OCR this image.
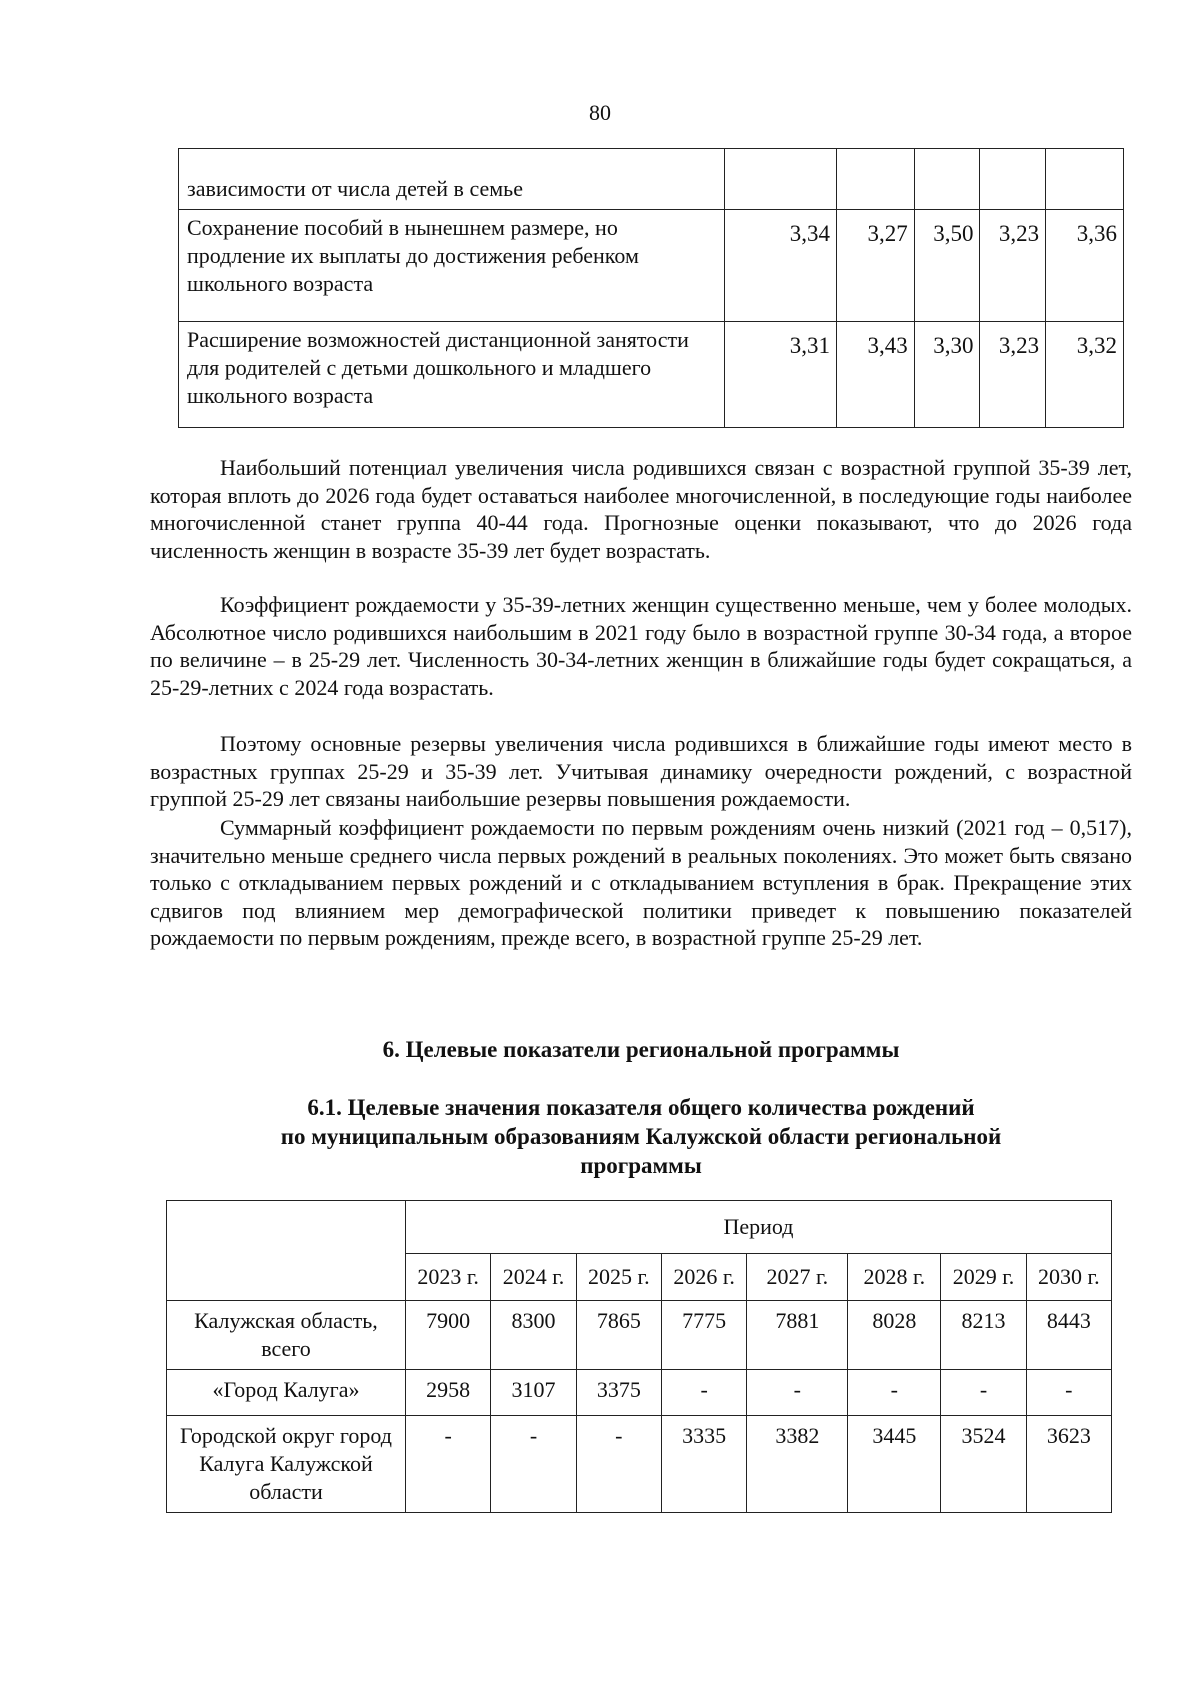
80
зависимости от числа детей в семье					
Сохранение пособий в нынешнем размере, но продление их выплаты до достижения ребенком школьного возраста	3,34	3,27	3,50	3,23	3,36
Расширение возможностей дистанционной занятости для родителей с детьми дошкольного и младшего школьного возраста	3,31	3,43	3,30	3,23	3,32

Наибольший потенциал увеличения числа родившихся связан с возрастной группой 35-39 лет, которая вплоть до 2026 года будет оставаться наиболее многочисленной, в последующие годы наиболее многочисленной станет группа 40-44 года. Прогнозные оценки показывают, что до 2026 года численность женщин в возрасте 35-39 лет будет возрастать.

Коэффициент рождаемости у 35-39-летних женщин существенно меньше, чем у более молодых. Абсолютное число родившихся наибольшим в 2021 году было в возрастной группе 30-34 года, а второе по величине – в 25-29 лет. Численность 30-34-летних женщин в ближайшие годы будет сокращаться, а 25-29-летних с 2024 года возрастать.

Поэтому основные резервы увеличения числа родившихся в ближайшие годы имеют место в возрастных группах 25-29 и 35-39 лет. Учитывая динамику очередности рождений, с возрастной группой 25-29 лет связаны наибольшие резервы повышения рождаемости.

Суммарный коэффициент рождаемости по первым рождениям очень низкий (2021 год – 0,517), значительно меньше среднего числа первых рождений в реальных поколениях. Это может быть связано только с откладыванием первых рождений и с откладыванием вступления в брак. Прекращение этих сдвигов под влиянием мер демографической политики приведет к повышению показателей рождаемости по первым рождениям, прежде всего, в возрастной группе 25-29 лет.

6. Целевые показатели региональной программы

6.1. Целевые значения показателя общего количества рождений
по муниципальным образованиям Калужской области региональной
программы

	Период							
	2023 г.	2024 г.	2025 г.	2026 г.	2027 г.	2028 г.	2029 г.	2030 г.
Калужская область, всего	7900	8300	7865	7775	7881	8028	8213	8443
«Город Калуга»	2958	3107	3375	-	-	-	-	-
Городской округ город Калуга Калужской области	-	-	-	3335	3382	3445	3524	3623
